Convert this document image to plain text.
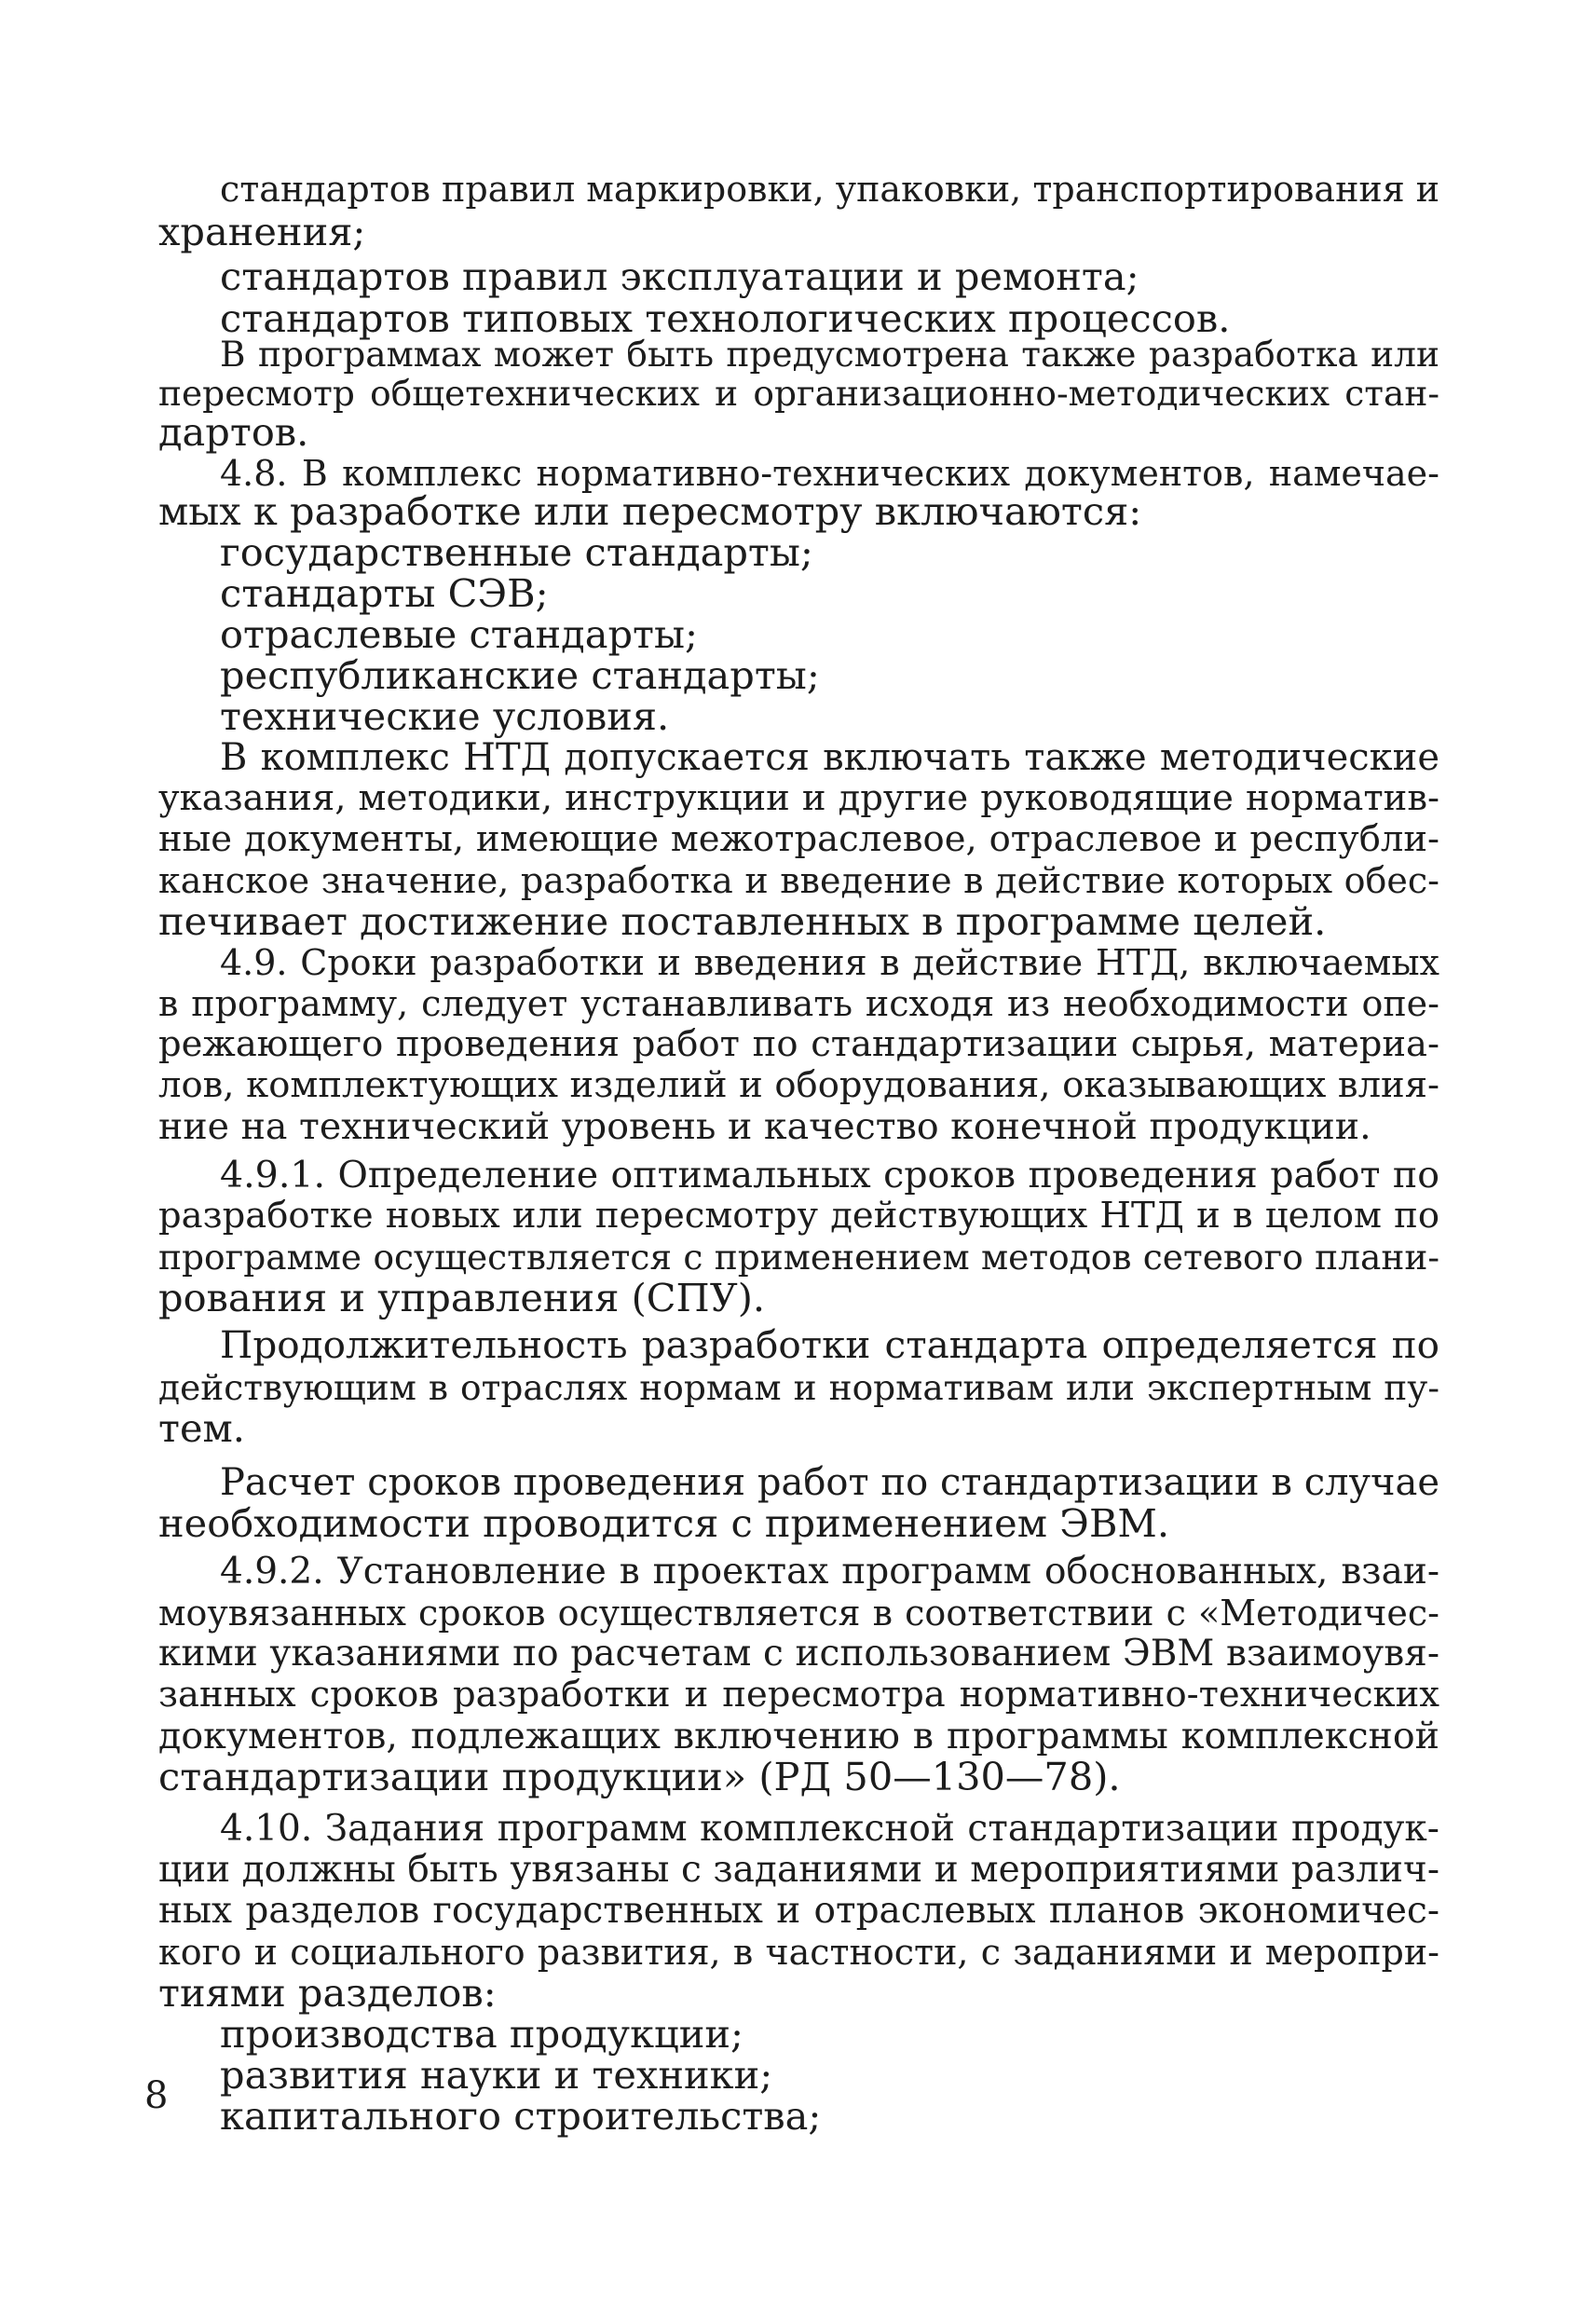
стандартов правил маркировки, упаковки, транспортирования и
хранения;
стандартов правил эксплуатации и ремонта;
стандартов типовых технологических процессов.
В программах может быть предусмотрена также разработка или
пересмотр общетехнических и организационно-методических стан-
дартов.
4.8. В комплекс нормативно-технических документов, намечае-
мых к разработке или пересмотру включаются:
государственные стандарты;
стандарты СЭВ;
отраслевые стандарты;
республиканские стандарты;
технические условия.
В комплекс НТД допускается включать также методические
указания, методики, инструкции и другие руководящие норматив-
ные документы, имеющие межотраслевое, отраслевое и республи-
канское значение, разработка и введение в действие которых обес-
печивает достижение поставленных в программе целей.
4.9. Сроки разработки и введения в действие НТД, включаемых
в программу, следует устанавливать исходя из необходимости опе-
режающего проведения работ по стандартизации сырья, материа-
лов, комплектующих изделий и оборудования, оказывающих влия-
ние на технический уровень и качество конечной продукции.
4.9.1. Определение оптимальных сроков проведения работ по
разработке новых или пересмотру действующих НТД и в целом по
программе осуществляется с применением методов сетевого плани-
рования и управления (СПУ).
Продолжительность разработки стандарта определяется по
действующим в отраслях нормам и нормативам или экспертным пу-
тем.
Расчет сроков проведения работ по стандартизации в случае
необходимости проводится с применением ЭВМ.
4.9.2. Установление в проектах программ обоснованных, взаи-
моувязанных сроков осуществляется в соответствии с «Методичес-
кими указаниями по расчетам с использованием ЭВМ взаимоувя-
занных сроков разработки и пересмотра нормативно-технических
документов, подлежащих включению в программы комплексной
стандартизации продукции» (РД 50—130—78).
4.10. Задания программ комплексной стандартизации продук-
ции должны быть увязаны с заданиями и мероприятиями различ-
ных разделов государственных и отраслевых планов экономичес-
кого и социального развития, в частности, с заданиями и меропри-
тиями разделов:
производства продукции;
развития науки и техники;
капитального строительства;
8
